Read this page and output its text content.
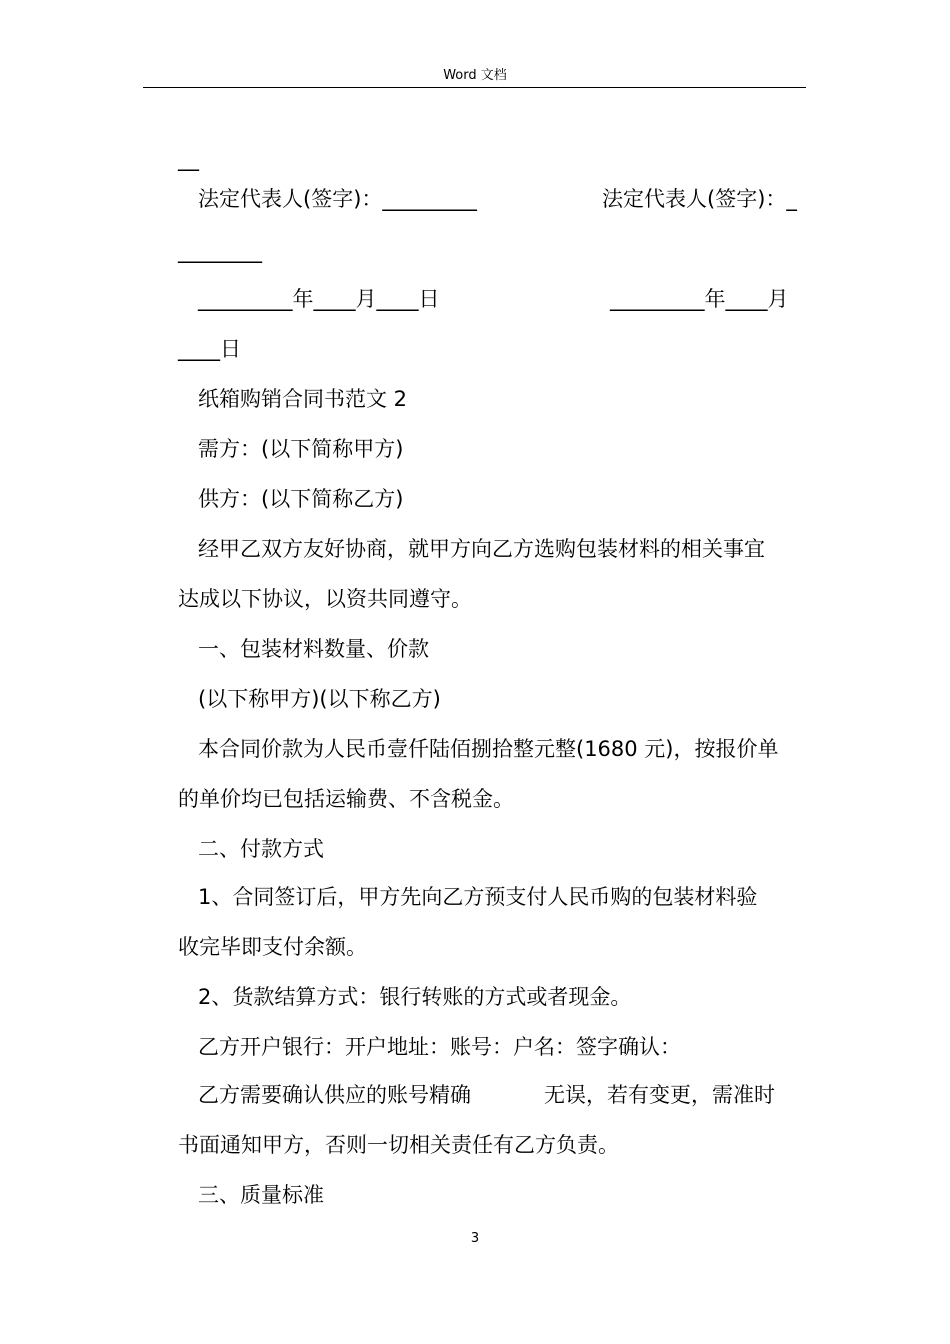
Word 文档
__
法定代表人(签字)：_________	法定代表人(签字)：_
________
_________年____月____日	_________年____月
____日
纸箱购销合同书范文 2
需方：(以下简称甲方)
供方：(以下简称乙方)
经甲乙双方友好协商，就甲方向乙方选购包装材料的相关事宜
达成以下协议，以资共同遵守。
一、包装材料数量、价款
(以下称甲方)(以下称乙方)
本合同价款为人民币壹仟陆佰捌拾整元整(1680 元)，按报价单
的单价均已包括运输费、不含税金。
二、付款方式
1、合同签订后，甲方先向乙方预支付人民币购的包装材料验
收完毕即支付余额。
2、货款结算方式：银行转账的方式或者现金。
乙方开户银行：开户地址：账号：户名：签字确认：
乙方需要确认供应的账号精确	无误，若有变更，需准时
书面通知甲方，否则一切相关责任有乙方负责。
三、质量标准
3
